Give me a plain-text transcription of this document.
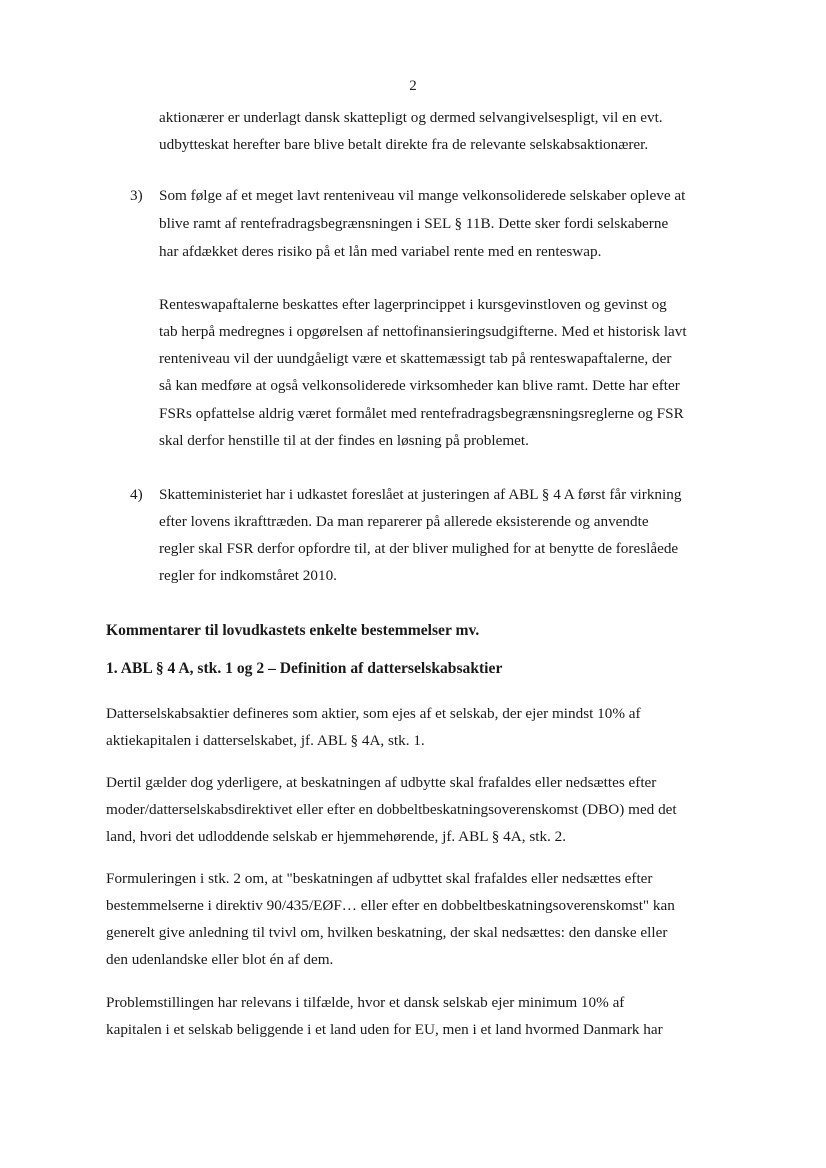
2
aktionærer er underlagt dansk skattepligt og dermed selvangivelsespligt, vil en evt.
udbytteskat herefter bare blive betalt direkte fra de relevante selskabsaktionærer.
3) Som følge af et meget lavt renteniveau vil mange velkonsoliderede selskaber opleve at
blive ramt af rentefradragsbegrænsningen i SEL § 11B. Dette sker fordi selskaberne
har afdækket deres risiko på et lån med variabel rente med en renteswap.
Renteswapaftalerne beskattes efter lagerprincippet i kursgevinstloven og gevinst og
tab herpå medregnes i opgørelsen af nettofinansieringsudgifterne. Med et historisk lavt
renteniveau vil der uundgåeligt være et skattemæssigt tab på renteswapaftalerne, der
så kan medføre at også velkonsoliderede virksomheder kan blive ramt. Dette har efter
FSRs opfattelse aldrig været formålet med rentefradragsbegrænsningsreglerne og FSR
skal derfor henstille til at der findes en løsning på problemet.
4) Skatteministeriet har i udkastet foreslået at justeringen af ABL § 4 A først får virkning
efter lovens ikrafttræden. Da man reparerer på allerede eksisterende og anvendte
regler skal FSR derfor opfordre til, at der bliver mulighed for at benytte de foreslåede
regler for indkomståret 2010.
Kommentarer til lovudkastets enkelte bestemmelser mv.
1. ABL § 4 A, stk. 1 og 2 – Definition af datterselskabsaktier
Datterselskabsaktier defineres som aktier, som ejes af et selskab, der ejer mindst 10% af
aktiekapitalen i datterselskabet, jf. ABL § 4A, stk. 1.
Dertil gælder dog yderligere, at beskatningen af udbytte skal frafaldes eller nedsættes efter
moder/datterselskabsdirektivet eller efter en dobbeltbeskatningsoverenskomst (DBO) med det
land, hvori det udloddende selskab er hjemmehørende, jf. ABL § 4A, stk. 2.
Formuleringen i stk. 2 om, at "beskatningen af udbyttet skal frafaldes eller nedsættes efter
bestemmelserne i direktiv 90/435/EØF… eller efter en dobbeltbeskatningsoverenskomst" kan
generelt give anledning til tvivl om, hvilken beskatning, der skal nedsættes: den danske eller
den udenlandske eller blot én af dem.
Problemstillingen har relevans i tilfælde, hvor et dansk selskab ejer minimum 10% af
kapitalen i et selskab beliggende i et land uden for EU, men i et land hvormed Danmark har
